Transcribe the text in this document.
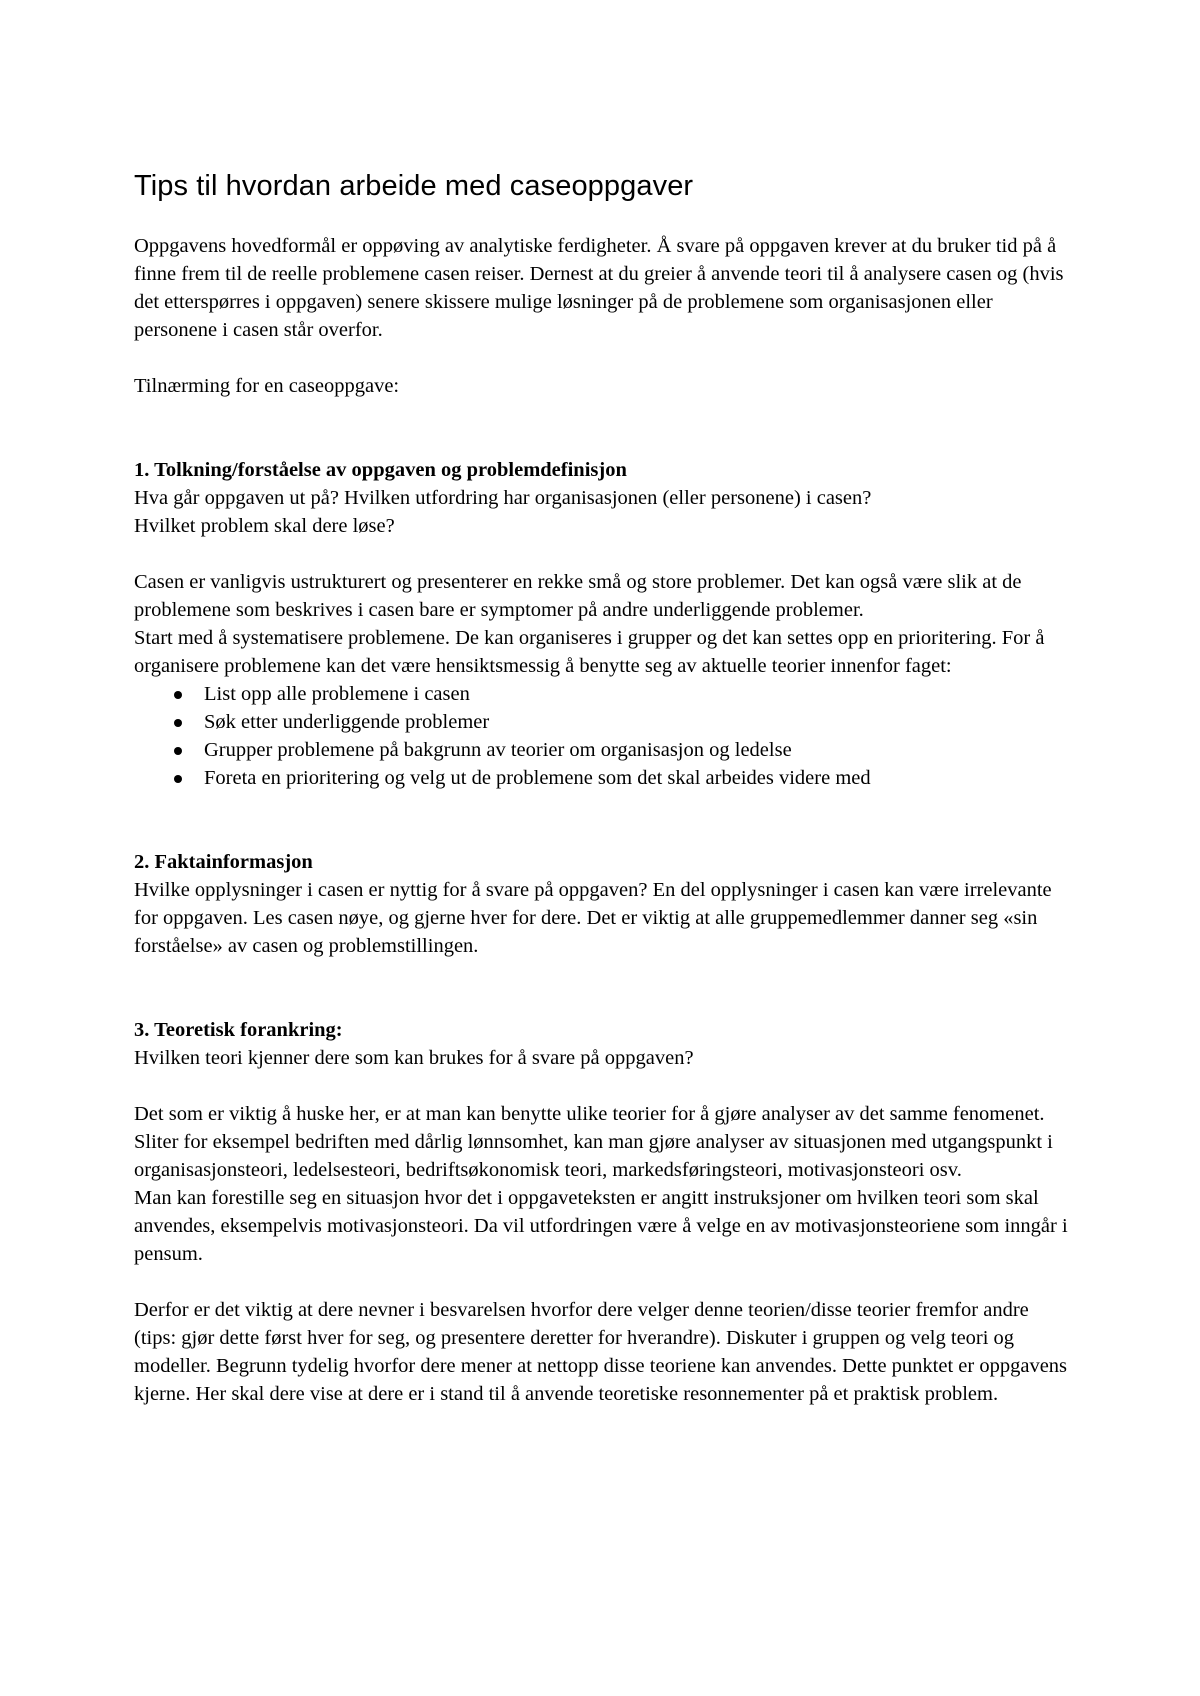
Tips til hvordan arbeide med caseoppgaver

Oppgavens hovedformål er oppøving av analytiske ferdigheter. Å svare på oppgaven krever at du bruker tid på å finne frem til de reelle problemene casen reiser. Dernest at du greier å anvende teori til å analysere casen og (hvis det etterspørres i oppgaven) senere skissere mulige løsninger på de problemene som organisasjonen eller personene i casen står overfor.

Tilnærming for en caseoppgave:

1. Tolkning/forståelse av oppgaven og problemdefinisjon

Hva går oppgaven ut på? Hvilken utfordring har organisasjonen (eller personene) i casen?

Hvilket problem skal dere løse?

Casen er vanligvis ustrukturert og presenterer en rekke små og store problemer. Det kan også være slik at de problemene som beskrives i casen bare er symptomer på andre underliggende problemer.

Start med å systematisere problemene. De kan organiseres i grupper og det kan settes opp en prioritering. For å organisere problemene kan det være hensiktsmessig å benytte seg av aktuelle teorier innenfor faget:

List opp alle problemene i casen
Søk etter underliggende problemer
Grupper problemene på bakgrunn av teorier om organisasjon og ledelse
Foreta en prioritering og velg ut de problemene som det skal arbeides videre med

2. Faktainformasjon

Hvilke opplysninger i casen er nyttig for å svare på oppgaven? En del opplysninger i casen kan være irrelevante for oppgaven. Les casen nøye, og gjerne hver for dere. Det er viktig at alle gruppemedlemmer danner seg «sin forståelse» av casen og problemstillingen.

3. Teoretisk forankring:

Hvilken teori kjenner dere som kan brukes for å svare på oppgaven?

Det som er viktig å huske her, er at man kan benytte ulike teorier for å gjøre analyser av det samme fenomenet. Sliter for eksempel bedriften med dårlig lønnsomhet, kan man gjøre analyser av situasjonen med utgangspunkt i organisasjonsteori, ledelsesteori, bedriftsøkonomisk teori, markedsføringsteori, motivasjonsteori osv.

Man kan forestille seg en situasjon hvor det i oppgaveteksten er angitt instruksjoner om hvilken teori som skal anvendes, eksempelvis motivasjonsteori. Da vil utfordringen være å velge en av motivasjonsteoriene som inngår i pensum.

Derfor er det viktig at dere nevner i besvarelsen hvorfor dere velger denne teorien/disse teorier fremfor andre (tips: gjør dette først hver for seg, og presentere deretter for hverandre). Diskuter i gruppen og velg teori og modeller. Begrunn tydelig hvorfor dere mener at nettopp disse teoriene kan anvendes. Dette punktet er oppgavens kjerne. Her skal dere vise at dere er i stand til å anvende teoretiske resonnementer på et praktisk problem.
